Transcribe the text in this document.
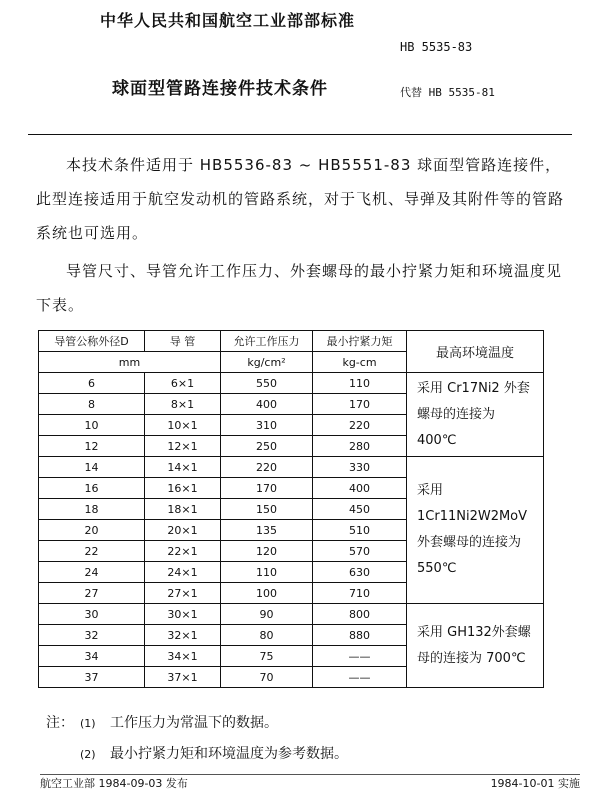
中华人民共和国航空工业部部标准
HB 5535-83
球面型管路连接件技术条件	代替 HB 5535-81
本技术条件适用于 HB5536-83 ~ HB5551-83 球面型管路连接件，此型连接适用于航空发动机的管路系统，对于飞机、导弹及其附件等的管路系统也可选用。
导管尺寸、导管允许工作压力、外套螺母的最小拧紧力矩和环境温度见下表。
导管公称外径D	导 管	允许工作压力	最小拧紧力矩	最高环境温度
mm		kg/cm²	kg-cm	
6	6×1	550	110	采用 Cr17Ni2 外套螺母的连接为400℃
8	8×1	400	170	
10	10×1	310	220	
12	12×1	250	280	
14	14×1	220	330	采用 1Cr11Ni2W2MoV 外套螺母的连接为 550℃
16	16×1	170	400	
18	18×1	150	450	
20	20×1	135	510	
22	22×1	120	570	
24	24×1	110	630	
27	27×1	100	710	
30	30×1	90	800	采用 GH132外套螺母的连接为 700℃
32	32×1	80	880	
34	34×1	75	——	
37	37×1	70	——	
注： (1) 工作压力为常温下的数据。
(2) 最小拧紧力矩和环境温度为参考数据。
航空工业部 1984-09-03 发布	1984-10-01 实施
